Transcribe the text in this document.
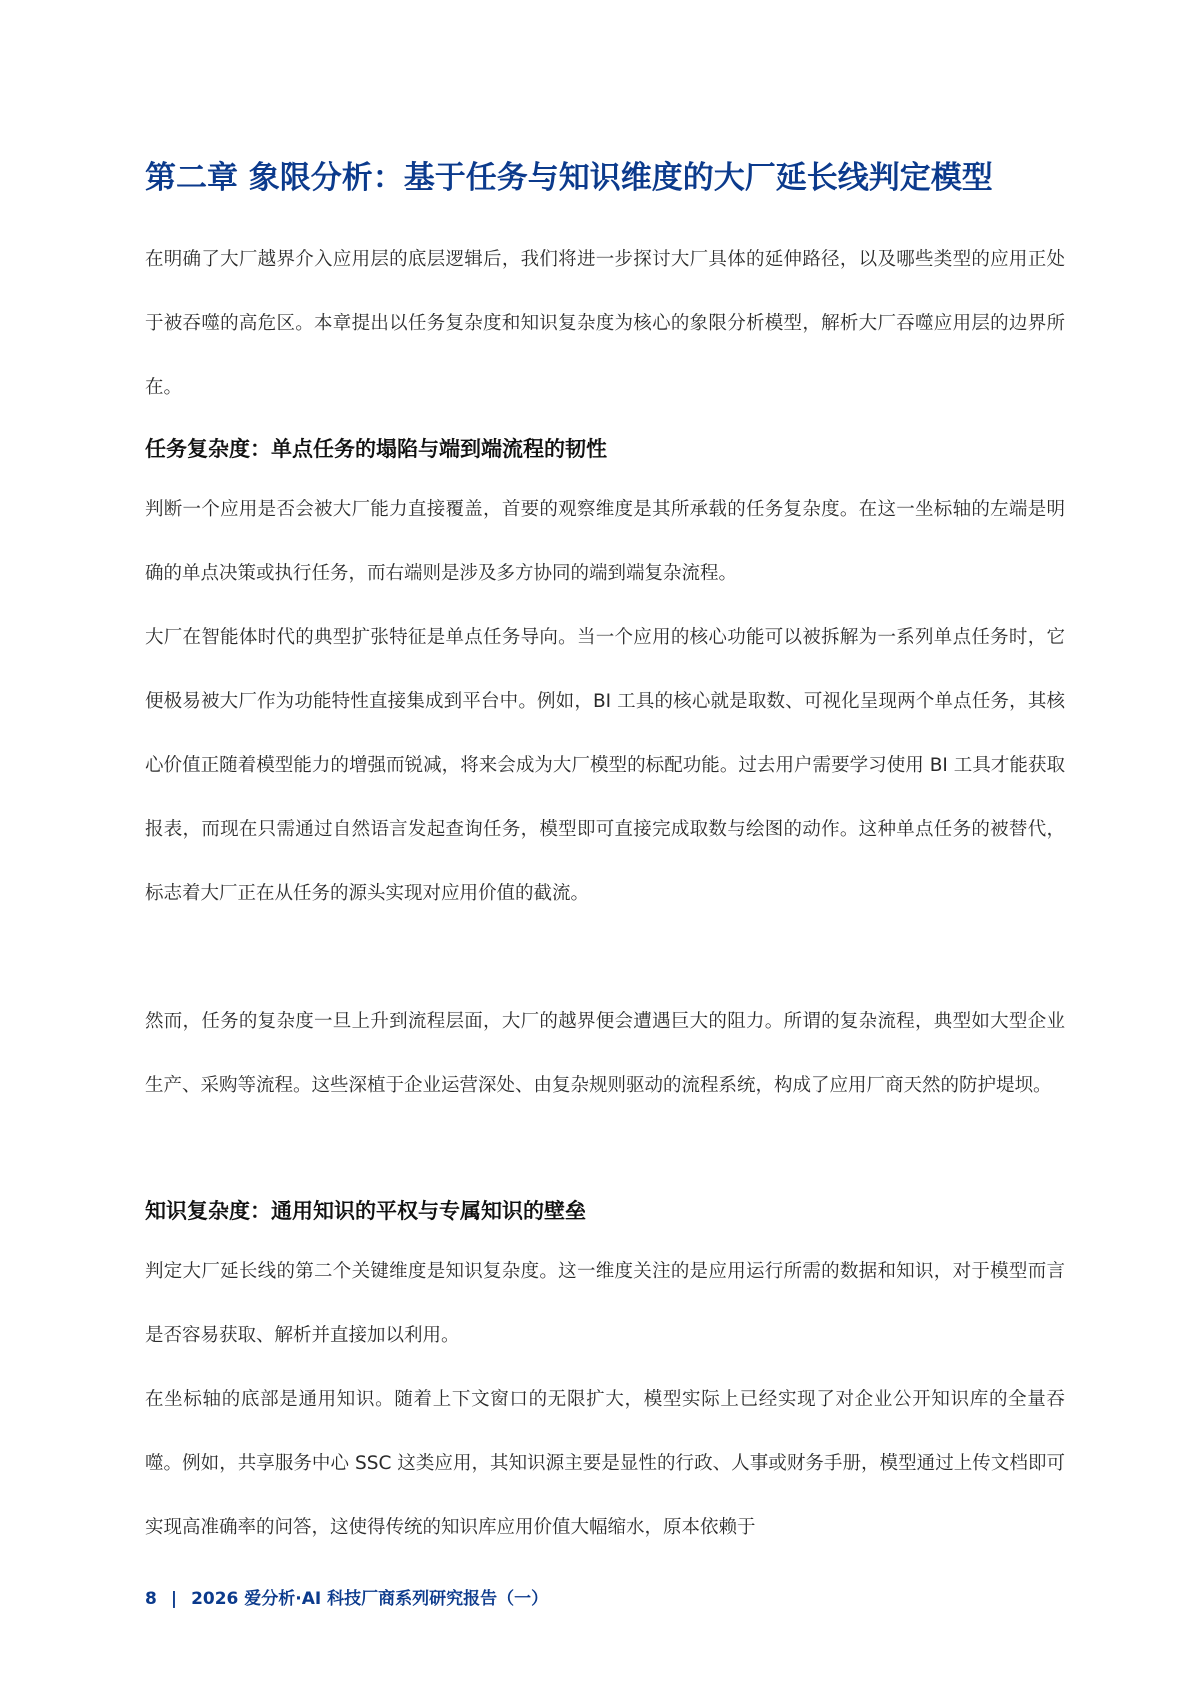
第二章 象限分析：基于任务与知识维度的大厂延长线判定模型

在明确了大厂越界介入应用层的底层逻辑后，我们将进一步探讨大厂具体的延伸路径，以及哪些类型的应用正处于被吞噬的高危区。本章提出以任务复杂度和知识复杂度为核心的象限分析模型，解析大厂吞噬应用层的边界所在。

任务复杂度：单点任务的塌陷与端到端流程的韧性

判断一个应用是否会被大厂能力直接覆盖，首要的观察维度是其所承载的任务复杂度。在这一坐标轴的左端是明确的单点决策或执行任务，而右端则是涉及多方协同的端到端复杂流程。

大厂在智能体时代的典型扩张特征是单点任务导向。当一个应用的核心功能可以被拆解为一系列单点任务时，它便极易被大厂作为功能特性直接集成到平台中。例如，BI 工具的核心就是取数、可视化呈现两个单点任务，其核心价值正随着模型能力的增强而锐减，将来会成为大厂模型的标配功能。过去用户需要学习使用 BI 工具才能获取报表，而现在只需通过自然语言发起查询任务，模型即可直接完成取数与绘图的动作。这种单点任务的被替代，标志着大厂正在从任务的源头实现对应用价值的截流。

然而，任务的复杂度一旦上升到流程层面，大厂的越界便会遭遇巨大的阻力。所谓的复杂流程，典型如大型企业生产、采购等流程。这些深植于企业运营深处、由复杂规则驱动的流程系统，构成了应用厂商天然的防护堤坝。

知识复杂度：通用知识的平权与专属知识的壁垒

判定大厂延长线的第二个关键维度是知识复杂度。这一维度关注的是应用运行所需的数据和知识，对于模型而言是否容易获取、解析并直接加以利用。

在坐标轴的底部是通用知识。随着上下文窗口的无限扩大，模型实际上已经实现了对企业公开知识库的全量吞噬。例如，共享服务中心 SSC 这类应用，其知识源主要是显性的行政、人事或财务手册，模型通过上传文档即可实现高准确率的问答，这使得传统的知识库应用价值大幅缩水，原本依赖于

8 | 2026 爱分析·AI 科技厂商系列研究报告（一）
